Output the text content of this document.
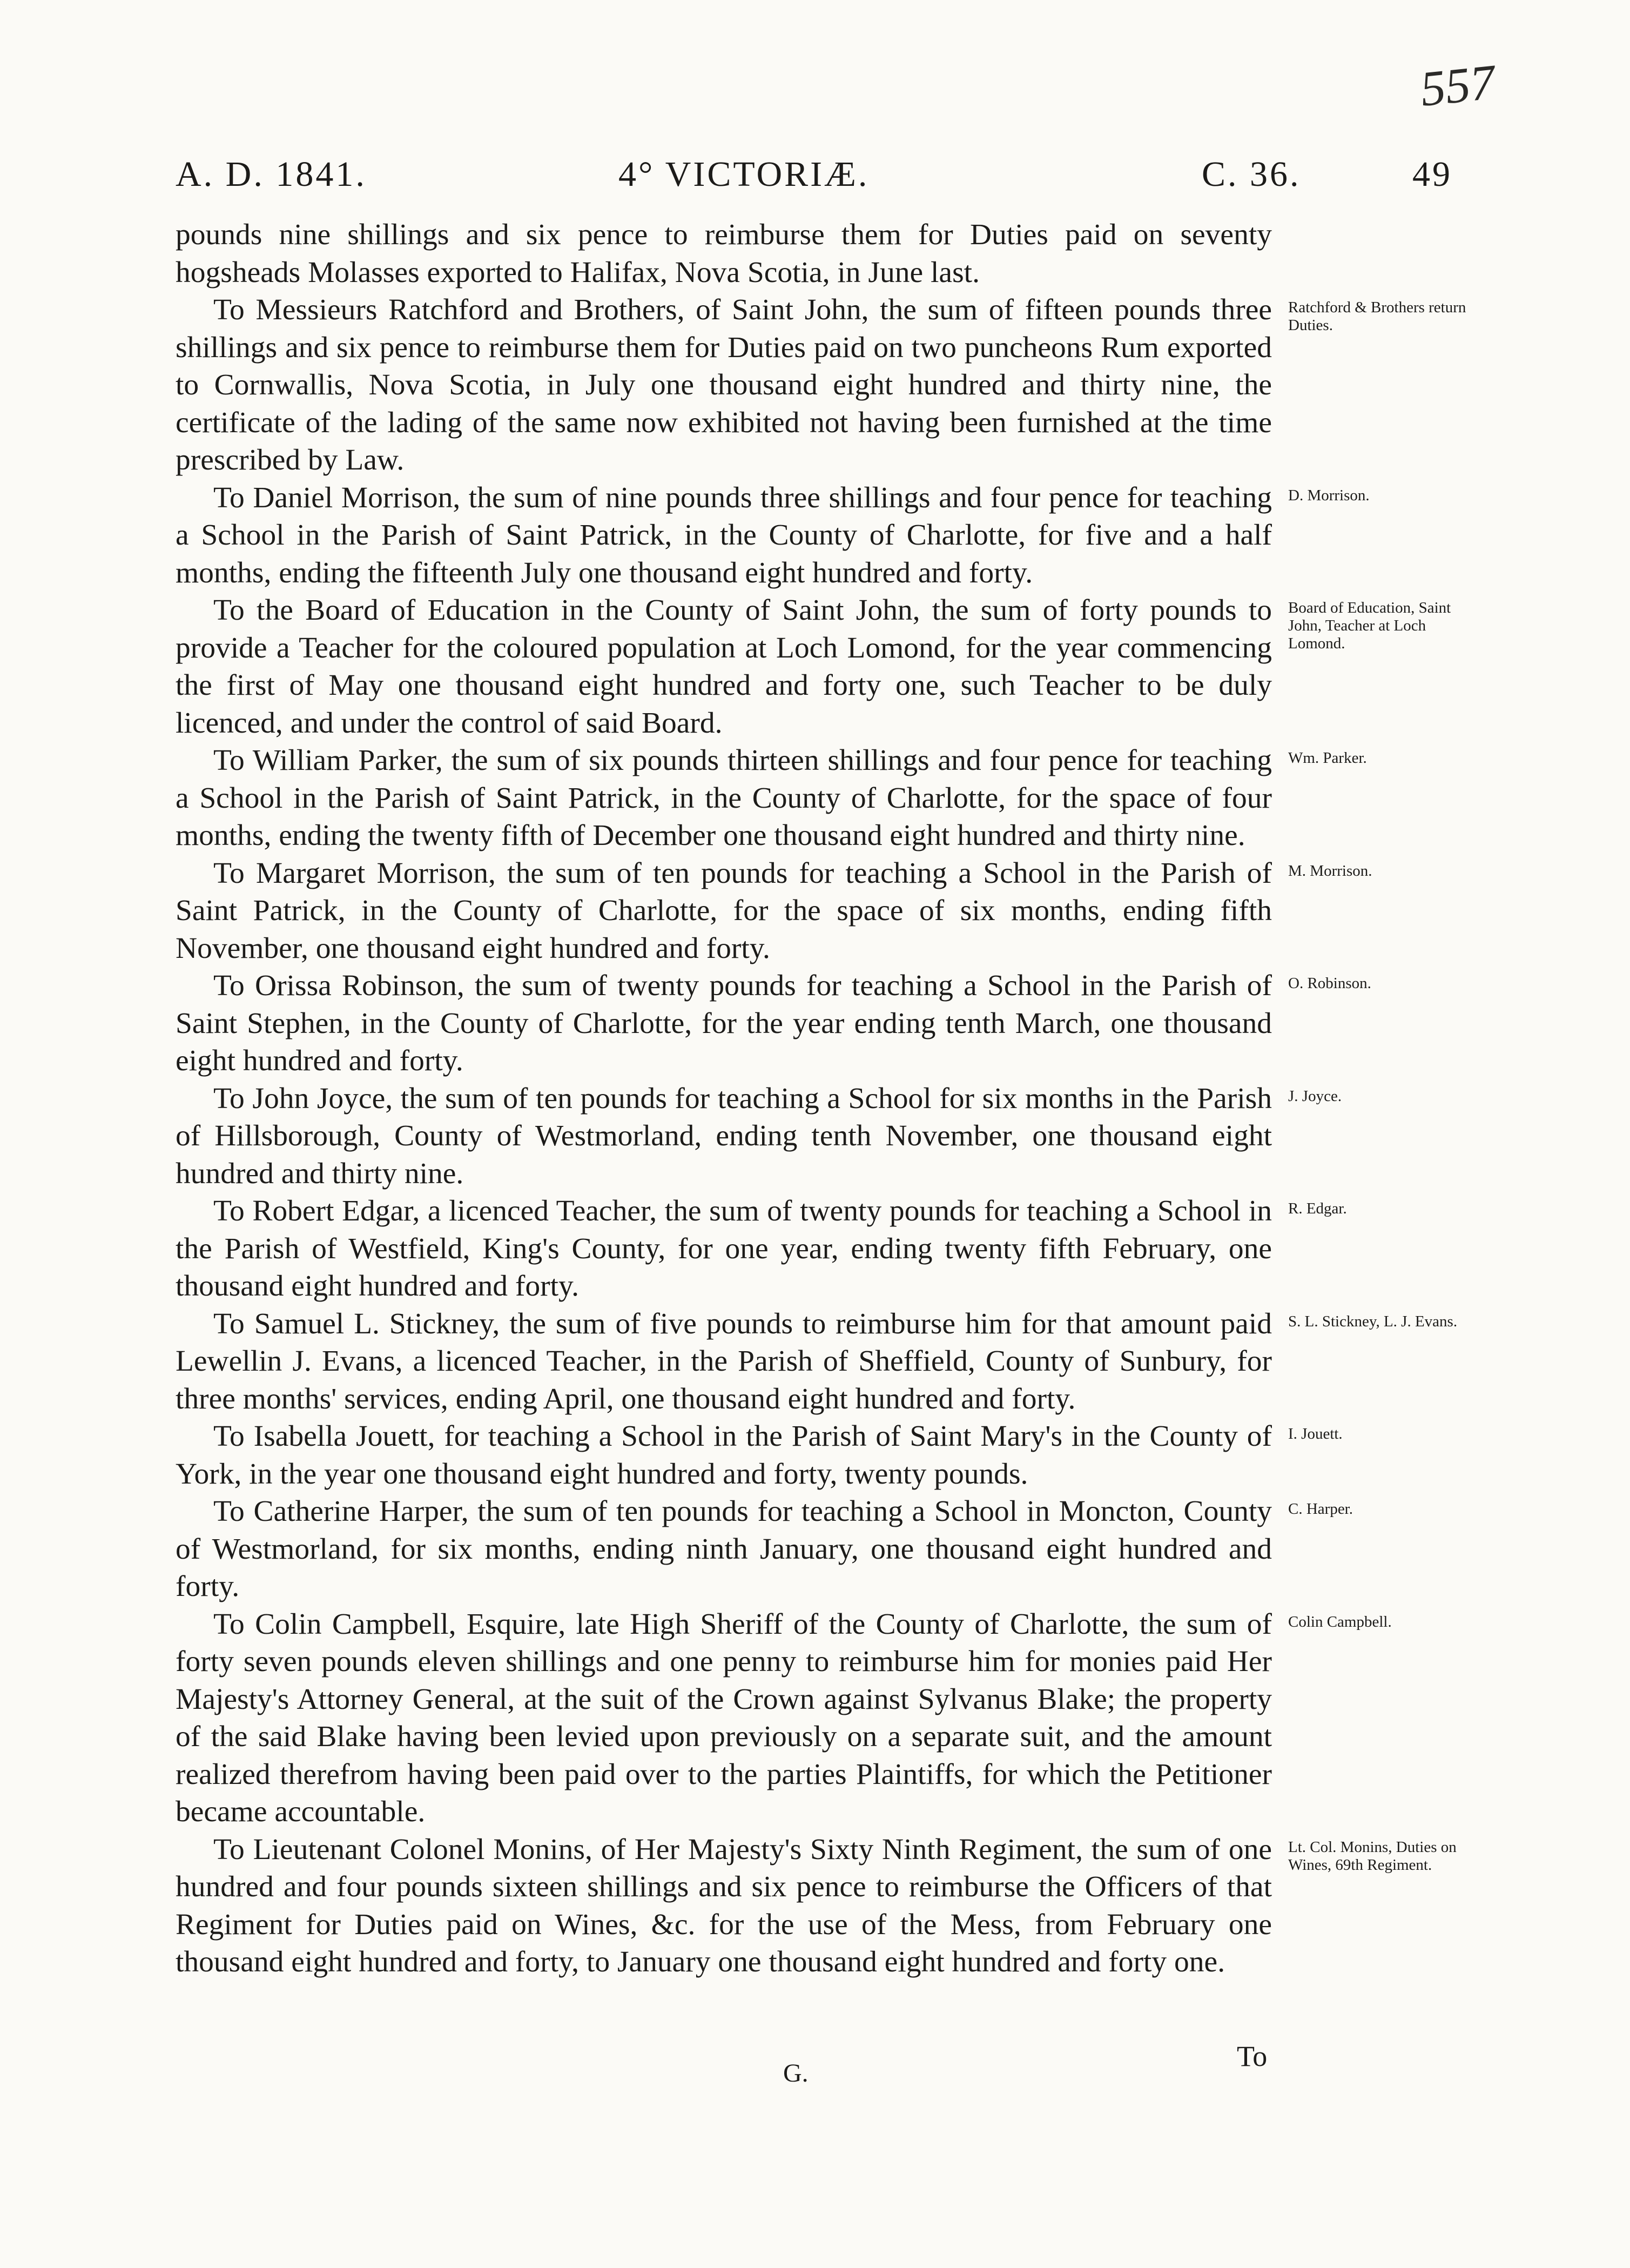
557
A. D. 1841.	4° VICTORIÆ.	C. 36.	49

pounds nine shillings and six pence to reimburse them for Duties paid on seventy hogsheads Molasses exported to Halifax, Nova Scotia, in June last.

To Messieurs Ratchford and Brothers, of Saint John, the sum of fifteen pounds three shillings and six pence to reimburse them for Duties paid on two puncheons Rum exported to Cornwallis, Nova Scotia, in July one thousand eight hundred and thirty nine, the certificate of the lading of the same now exhibited not having been furnished at the time prescribed by Law.

To Daniel Morrison, the sum of nine pounds three shillings and four pence for teaching a School in the Parish of Saint Patrick, in the County of Charlotte, for five and a half months, ending the fifteenth July one thousand eight hundred and forty.

To the Board of Education in the County of Saint John, the sum of forty pounds to provide a Teacher for the coloured population at Loch Lomond, for the year commencing the first of May one thousand eight hundred and forty one, such Teacher to be duly licenced, and under the control of said Board.

To William Parker, the sum of six pounds thirteen shillings and four pence for teaching a School in the Parish of Saint Patrick, in the County of Charlotte, for the space of four months, ending the twenty fifth of December one thousand eight hundred and thirty nine.

To Margaret Morrison, the sum of ten pounds for teaching a School in the Parish of Saint Patrick, in the County of Charlotte, for the space of six months, ending fifth November, one thousand eight hundred and forty.

To Orissa Robinson, the sum of twenty pounds for teaching a School in the Parish of Saint Stephen, in the County of Charlotte, for the year ending tenth March, one thousand eight hundred and forty.

To John Joyce, the sum of ten pounds for teaching a School for six months in the Parish of Hillsborough, County of Westmorland, ending tenth November, one thousand eight hundred and thirty nine.

To Robert Edgar, a licenced Teacher, the sum of twenty pounds for teaching a School in the Parish of Westfield, King's County, for one year, ending twenty fifth February, one thousand eight hundred and forty.

To Samuel L. Stickney, the sum of five pounds to reimburse him for that amount paid Lewellin J. Evans, a licenced Teacher, in the Parish of Sheffield, County of Sunbury, for three months' services, ending April, one thousand eight hundred and forty.

To Isabella Jouett, for teaching a School in the Parish of Saint Mary's in the County of York, in the year one thousand eight hundred and forty, twenty pounds.

To Catherine Harper, the sum of ten pounds for teaching a School in Moncton, County of Westmorland, for six months, ending ninth January, one thousand eight hundred and forty.

To Colin Campbell, Esquire, late High Sheriff of the County of Charlotte, the sum of forty seven pounds eleven shillings and one penny to reimburse him for monies paid Her Majesty's Attorney General, at the suit of the Crown against Sylvanus Blake; the property of the said Blake having been levied upon previously on a separate suit, and the amount realized therefrom having been paid over to the parties Plaintiffs, for which the Petitioner became accountable.

To Lieutenant Colonel Monins, of Her Majesty's Sixty Ninth Regiment, the sum of one hundred and four pounds sixteen shillings and six pence to reimburse the Officers of that Regiment for Duties paid on Wines, &c. for the use of the Mess, from February one thousand eight hundred and forty, to January one thousand eight hundred and forty one.

Ratchford & Brothers return Duties.
D. Morrison.
Board of Education, Saint John, Teacher at Loch Lomond.
Wm. Parker.
M. Morrison.
O. Robinson.
J. Joyce.
R. Edgar.
S. L. Stickney, L. J. Evans.
I. Jouett.
C. Harper.
Colin Campbell.
Lt. Col. Monins, Duties on Wines, 69th Regiment.
G.
To
